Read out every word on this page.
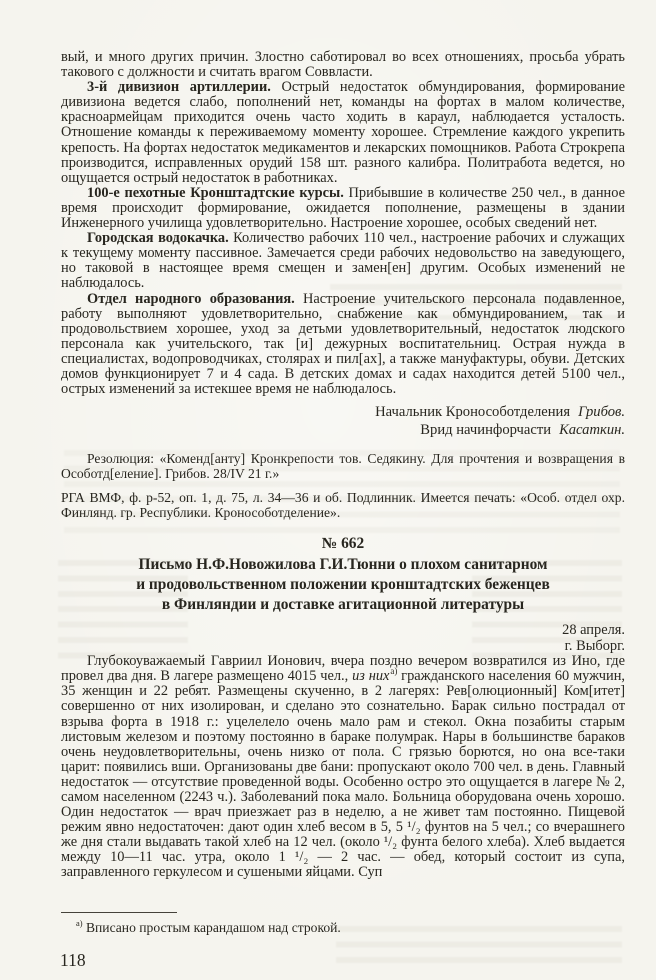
вый, и много других причин. Злостно саботировал во всех отношениях, просьба убрать такового с должности и считать врагом Соввласти.

3-й дивизион артиллерии. Острый недостаток обмундирования, формирование дивизиона ведется слабо, пополнений нет, команды на фортах в малом количестве, красноармейцам приходится очень часто ходить в караул, наблюдается усталость. Отношение команды к переживаемому моменту хорошее. Стремление каждого укрепить крепость. На фортах недостаток медикаментов и лекарских помощников. Работа Строкрепа производится, исправленных орудий 158 шт. разного калибра. Политработа ведется, но ощущается острый недостаток в работниках.

100-е пехотные Кронштадтские курсы. Прибывшие в количестве 250 чел., в данное время происходит формирование, ожидается пополнение, размещены в здании Инженерного училища удовлетворительно. Настроение хорошее, особых сведений нет.

Городская водокачка. Количество рабочих 110 чел., настроение рабочих и служащих к текущему моменту пассивное. Замечается среди рабочих недовольство на заведующего, но таковой в настоящее время смещен и замен[ен] другим. Особых изменений не наблюдалось.

Отдел народного образования. Настроение учительского персонала подавленное, работу выполняют удовлетворительно, снабжение как обмундированием, так и продовольствием хорошее, уход за детьми удовлетворительный, недостаток людского персонала как учительского, так [и] дежурных воспитательниц. Острая нужда в специалистах, водопроводчиках, столярах и пил[ах], а также мануфактуры, обуви. Детских домов функционирует 7 и 4 сада. В детских домах и садах находится детей 5100 чел., острых изменений за истекшее время не наблюдалось.

Начальник Кронособотделения Грибов.
Врид начинфорчасти Касаткин.

Резолюция: «Коменд[анту] Кронкрепости тов. Седякину. Для прочтения и возвращения в Особотд[еление]. Грибов. 28/IV 21 г.»

РГА ВМФ, ф. р-52, оп. 1, д. 75, л. 34—36 и об. Подлинник. Имеется печать: «Особ. отдел охр. Финлянд. гр. Республики. Кронособотделение».

№ 662
Письмо Н.Ф.Новожилова Г.И.Тюнни о плохом санитарном
и продовольственном положении кронштадтских беженцев
в Финляндии и доставке агитационной литературы
28 апреля.
г. Выборг.

Глубокоуважаемый Гавриил Ионович, вчера поздно вечером возвратился из Ино, где провел два дня. В лагере размещено 4015 чел., из них$^{а)}$ гражданского населения 60 мужчин, 35 женщин и 22 ребят. Размещены скученно, в 2 лагерях: Рев[олюционный] Ком[итет] совершенно от них изолирован, и сделано это сознательно. Барак сильно пострадал от взрыва форта в 1918 г.: уцелелело очень мало рам и стекол. Окна позабиты старым листовым железом и поэтому постоянно в бараке полумрак. Нары в большинстве бараков очень неудовлетворительны, очень низко от пола. С грязью борются, но она все-таки царит: появились вши. Организованы две бани: пропускают около 700 чел. в день. Главный недостаток — отсутствие проведенной воды. Особенно остро это ощущается в лагере № 2, самом населенном (2243 ч.). Заболеваний пока мало. Больница оборудована очень хорошо. Один недостаток — врач приезжает раз в неделю, а не живет там постоянно. Пищевой режим явно недостаточен: дают один хлеб весом в 5, 5 ¹/₂ фунтов на 5 чел.; со вчерашнего же дня стали выдавать такой хлеб на 12 чел. (около ¹/₂ фунта белого хлеба). Хлеб выдается между 10—11 час. утра, около 1 ¹/₂ — 2 час. — обед, который состоит из супа, заправленного геркулесом и сушеными яйцами. Суп

$^{а)}$ Вписано простым карандашом над строкой.

118
